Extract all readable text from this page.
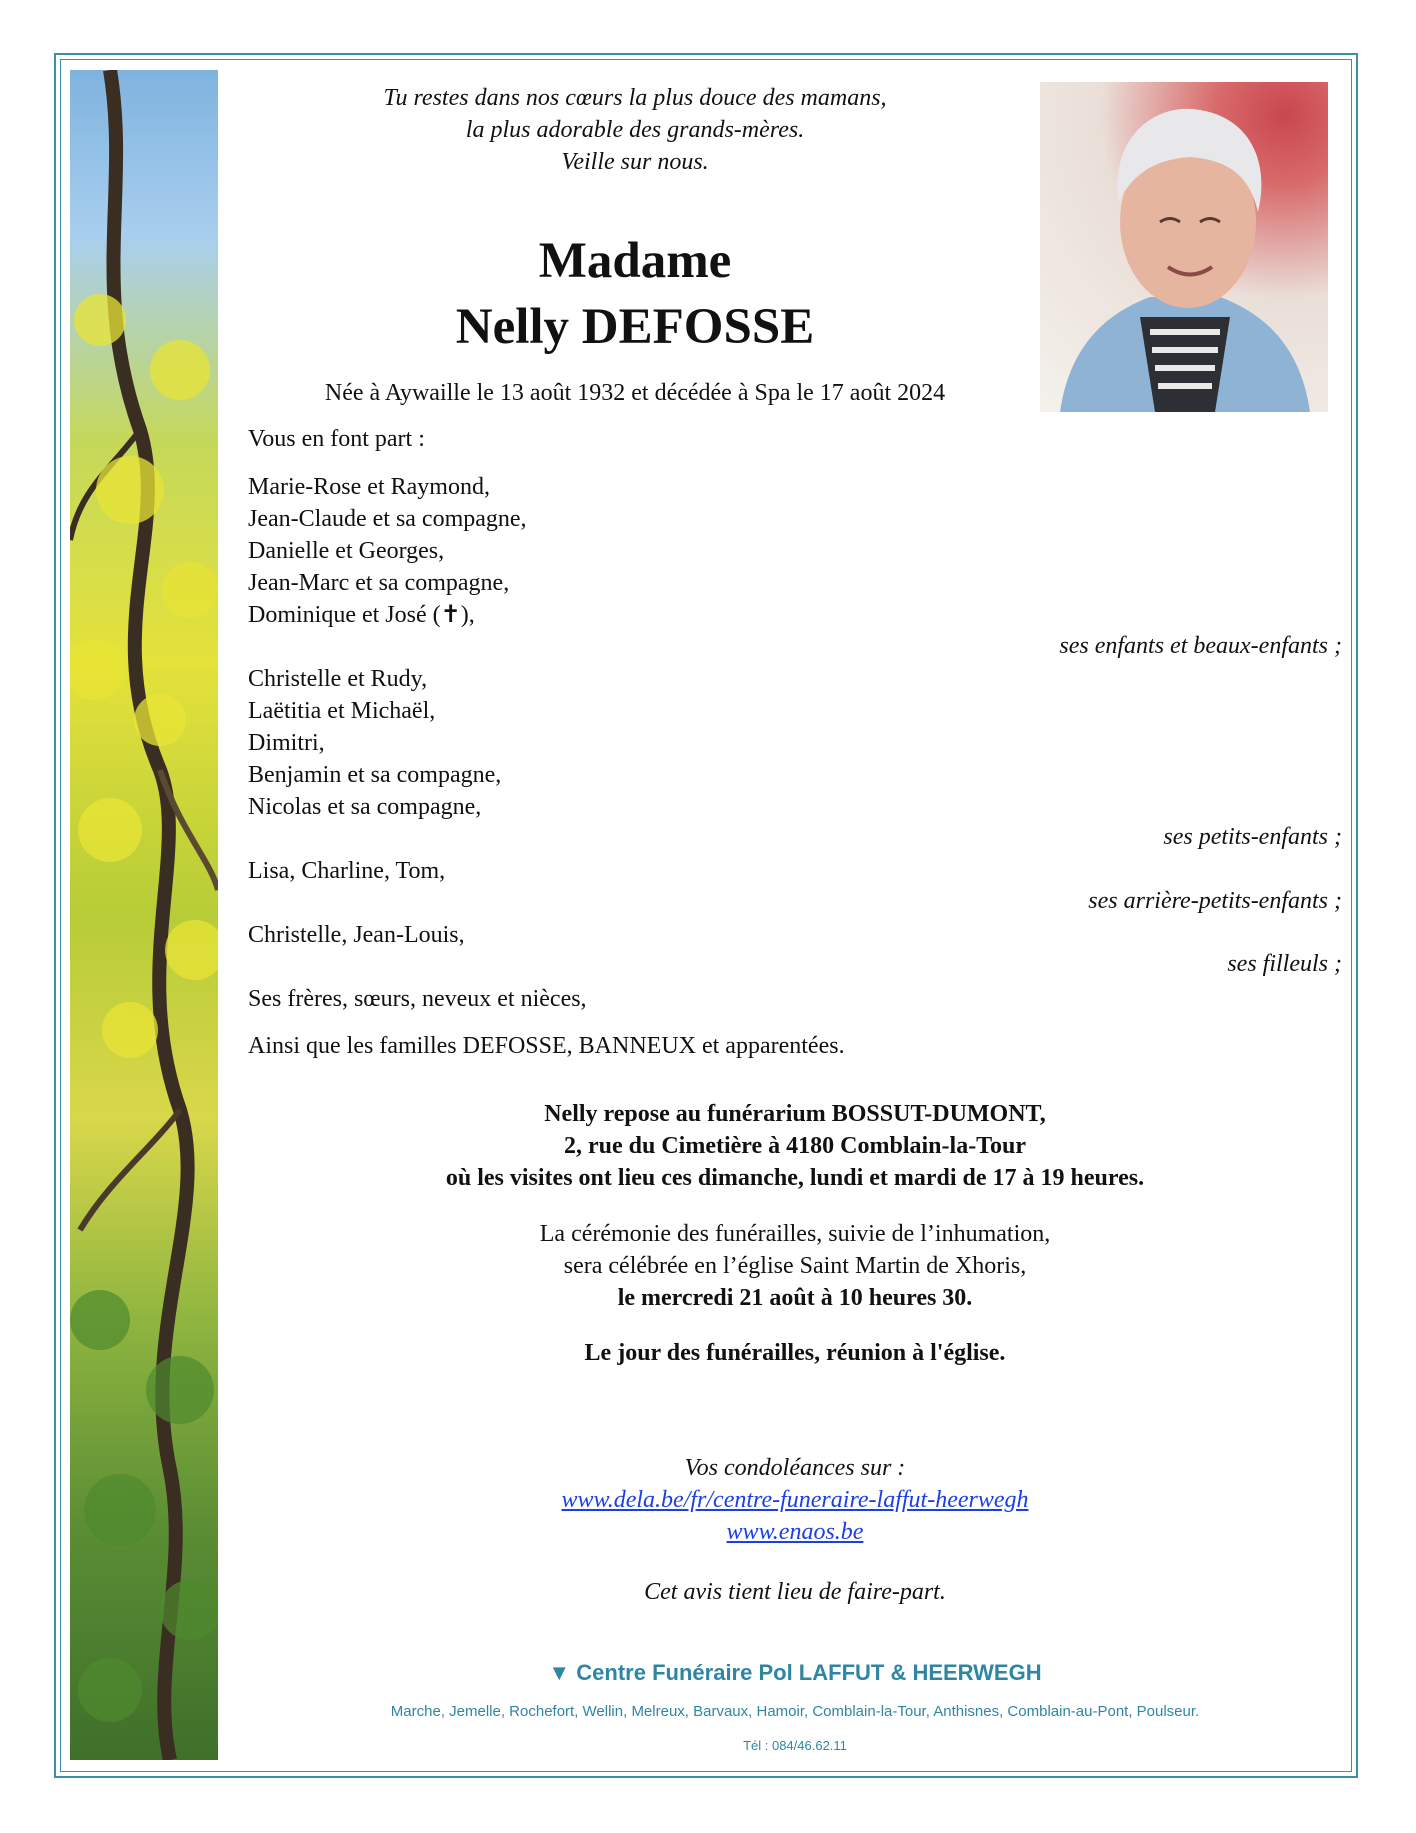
Tu restes dans nos cœurs la plus douce des mamans,
la plus adorable des grands-mères.
Veille sur nous.
Madame
Nelly DEFOSSE
Née à Aywaille le 13 août 1932 et décédée à Spa le 17 août 2024
Vous en font part :
Marie-Rose et Raymond,
Jean-Claude et sa compagne,
Danielle et Georges,
Jean-Marc et sa compagne,
Dominique et José (✝),
ses enfants et beaux-enfants ;
Christelle et Rudy,
Laëtitia et Michaël,
Dimitri,
Benjamin et sa compagne,
Nicolas et sa compagne,
ses petits-enfants ;
Lisa, Charline, Tom,
ses arrière-petits-enfants ;
Christelle, Jean-Louis,
ses filleuls ;
Ses frères, sœurs, neveux et nièces,
Ainsi que les familles DEFOSSE, BANNEUX et apparentées.
Nelly repose au funérarium BOSSUT-DUMONT,
2, rue du Cimetière à 4180 Comblain-la-Tour
où les visites ont lieu ces dimanche, lundi et mardi de 17 à 19 heures.
La cérémonie des funérailles, suivie de l’inhumation,
sera célébrée en l’église Saint Martin de Xhoris,
le mercredi 21 août à 10 heures 30.
Le jour des funérailles, réunion à l'église.
Vos condoléances sur :
www.dela.be/fr/centre-funeraire-laffut-heerwegh
www.enaos.be
Cet avis tient lieu de faire-part.
▼ Centre Funéraire Pol LAFFUT & HEERWEGH
Marche, Jemelle, Rochefort, Wellin, Melreux, Barvaux, Hamoir, Comblain-la-Tour, Anthisnes, Comblain-au-Pont, Poulseur.
Tél : 084/46.62.11
